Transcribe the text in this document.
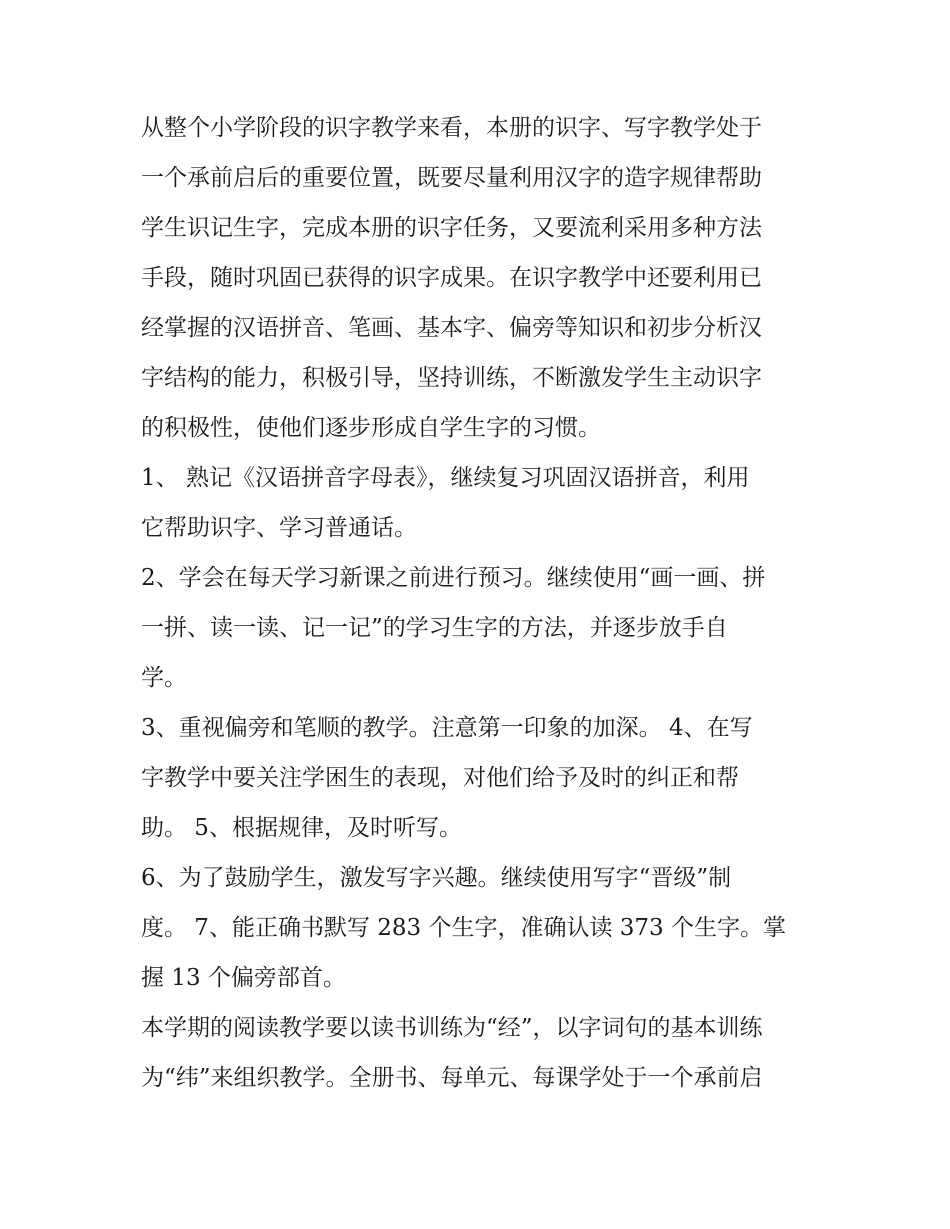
从整个小学阶段的识字教学来看，本册的识字、写字教学处于
一个承前启后的重要位置，既要尽量利用汉字的造字规律帮助
学生识记生字，完成本册的识字任务，又要流利采用多种方法
手段，随时巩固已获得的识字成果。在识字教学中还要利用已
经掌握的汉语拼音、笔画、基本字、偏旁等知识和初步分析汉
字结构的能力，积极引导，坚持训练，不断激发学生主动识字
的积极性，使他们逐步形成自学生字的习惯。
1、 熟记《汉语拼音字母表》，继续复习巩固汉语拼音，利用
它帮助识字、学习普通话。
2、学会在每天学习新课之前进行预习。继续使用“画一画、拼
一拼、读一读、记一记”的学习生字的方法，并逐步放手自
学。
3、重视偏旁和笔顺的教学。注意第一印象的加深。 4、在写
字教学中要关注学困生的表现，对他们给予及时的纠正和帮
助。 5、根据规律，及时听写。
6、为了鼓励学生，激发写字兴趣。继续使用写字“晋级”制
度。 7、能正确书默写 283 个生字，准确认读 373 个生字。掌
握 13 个偏旁部首。
本学期的阅读教学要以读书训练为“经”，以字词句的基本训练
为“纬”来组织教学。全册书、每单元、每课学处于一个承前启
